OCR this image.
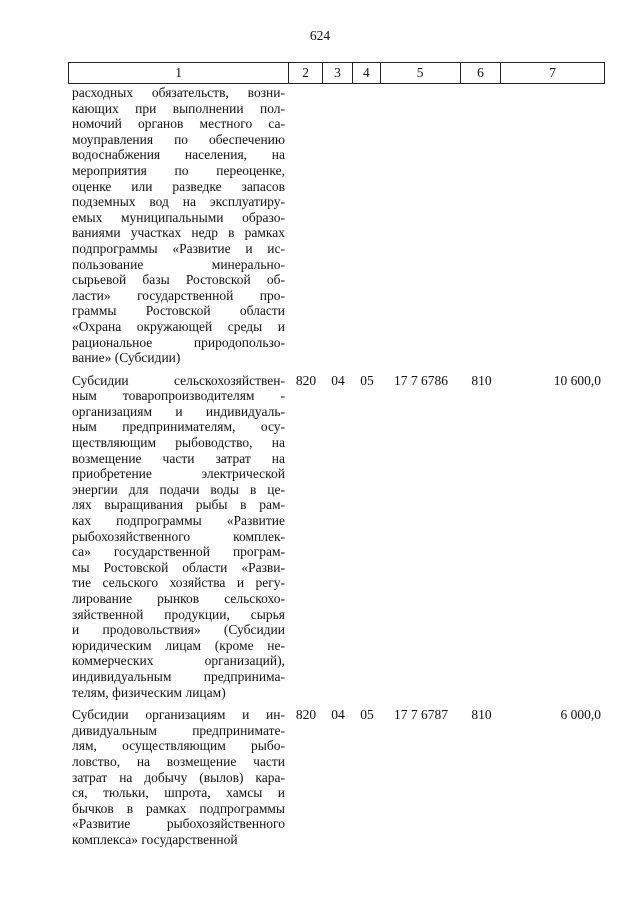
624
1	2	3	4	5	6	7
расходных обязательств, возни-
кающих при выполнении пол-
номочий органов местного са-
моуправления по обеспечению
водоснабжения населения, на
мероприятия по переоценке,
оценке или разведке запасов
подземных вод на эксплуатиру-
емых муниципальными образо-
ваниями участках недр в рамках
подпрограммы «Развитие и ис-
пользование минерально-
сырьевой базы Ростовской об-
ласти» государственной про-
граммы Ростовской области
«Охрана окружающей среды и
рациональное природопользо-
вание» (Субсидии)
Субсидии сельскохозяйствен-
ным товаропроизводителям -
организациям и индивидуаль-
ным предпринимателям, осу-
ществляющим рыбоводство, на
возмещение части затрат на
приобретение электрической
энергии для подачи воды в це-
лях выращивания рыбы в рам-
ках подпрограммы «Развитие
рыбохозяйственного комплек-
са» государственной програм-
мы Ростовской области «Разви-
тие сельского хозяйства и регу-
лирование рынков сельскохо-
зяйственной продукции, сырья
и продовольствия» (Субсидии
юридическим лицам (кроме не-
коммерческих организаций),
индивидуальным предпринима-
телям, физическим лицам)
820	04	05	17 7 6786	810	10 600,0
Субсидии организациям и ин-
дивидуальным предпринимате-
лям, осуществляющим рыбо-
ловство, на возмещение части
затрат на добычу (вылов) кара-
ся, тюльки, шпрота, хамсы и
бычков в рамках подпрограммы
«Развитие рыбохозяйственного
комплекса» государственной
820	04	05	17 7 6787	810	6 000,0
